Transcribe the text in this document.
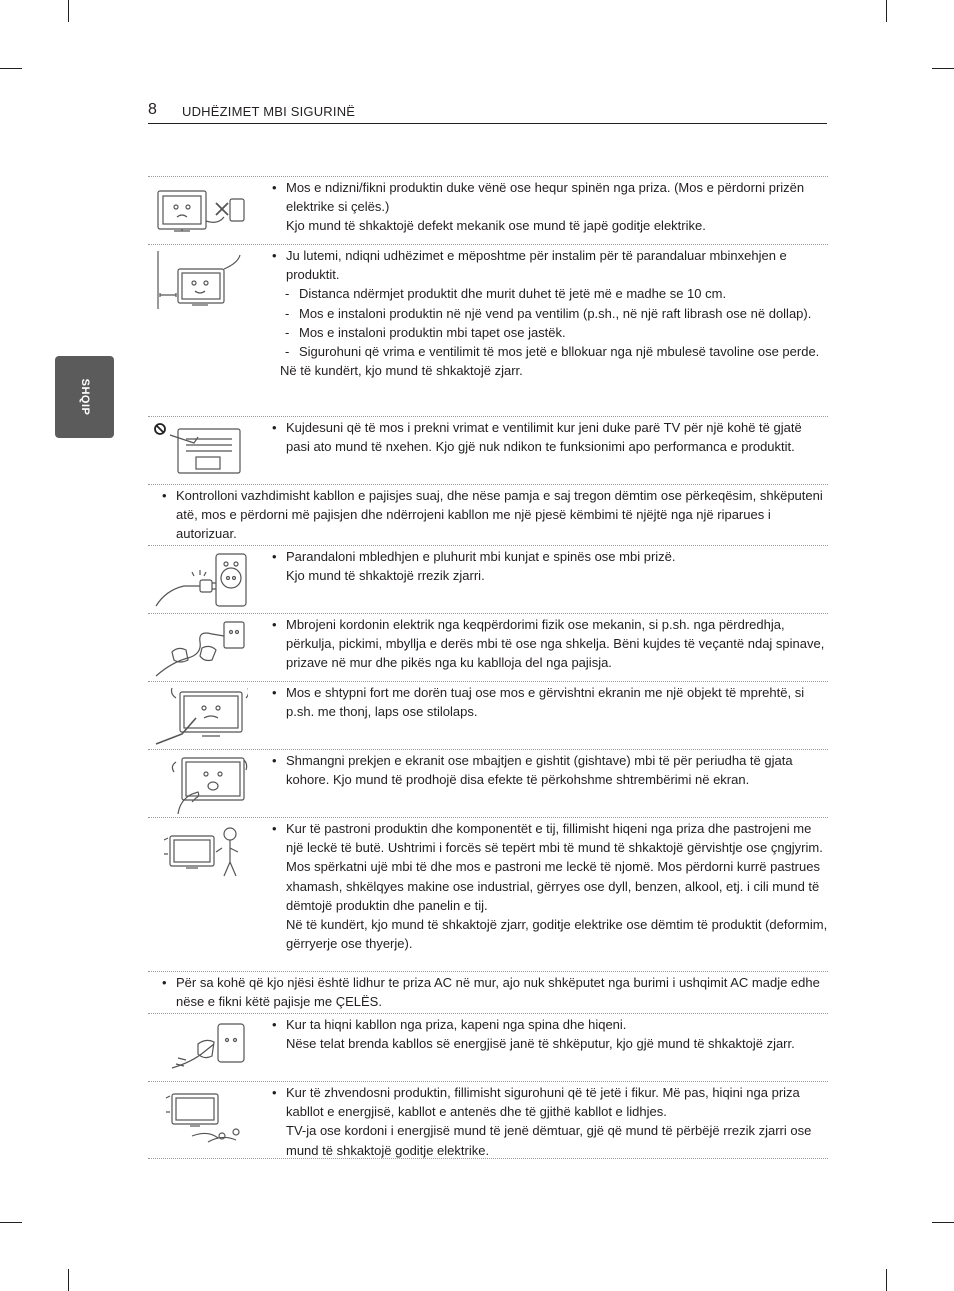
8 UDHËZIMET MBI SIGURINË
SHQIP
• Mos e ndizni/fikni produktin duke vënë ose hequr spinën nga priza. (Mos e përdorni prizën elektrike si çelës.)
Kjo mund të shkaktojë defekt mekanik ose mund të japë goditje elektrike.
• Ju lutemi, ndiqni udhëzimet e mëposhtme për instalim për të parandaluar mbinxehjen e produktit.
- Distanca ndërmjet produktit dhe murit duhet të jetë më e madhe se 10 cm.
- Mos e instaloni produktin në një vend pa ventilim (p.sh., në një raft librash ose në dollap).
- Mos e instaloni produktin mbi tapet ose jastëk.
- Sigurohuni që vrima e ventilimit të mos jetë e bllokuar nga një mbulesë tavoline ose perde.
Në të kundërt, kjo mund të shkaktojë zjarr.
• Kujdesuni që të mos i prekni vrimat e ventilimit kur jeni duke parë TV për një kohë të gjatë pasi ato mund të nxehen. Kjo gjë nuk ndikon te funksionimi apo performanca e produktit.
• Kontrolloni vazhdimisht kabllon e pajisjes suaj, dhe nëse pamja e saj tregon dëmtim ose përkeqësim, shkëputeni atë, mos e përdorni më pajisjen dhe ndërrojeni kabllon me një pjesë këmbimi të njëjtë nga një riparues i autorizuar.
• Parandaloni mbledhjen e pluhurit mbi kunjat e spinës ose mbi prizë.
Kjo mund të shkaktojë rrezik zjarri.
• Mbrojeni kordonin elektrik nga keqpërdorimi fizik ose mekanin, si p.sh. nga përdredhja, përkulja, pickimi, mbyllja e derës mbi të ose nga shkelja. Bëni kujdes të veçantë ndaj spinave, prizave në mur dhe pikës nga ku kablloja del nga pajisja.
• Mos e shtypni fort me dorën tuaj ose mos e gërvishtni ekranin me një objekt të mprehtë, si p.sh. me thonj, laps ose stilolaps.
• Shmangni prekjen e ekranit ose mbajtjen e gishtit (gishtave) mbi të për periudha të gjata kohore. Kjo mund të prodhojë disa efekte të përkohshme shtrembërimi në ekran.
• Kur të pastroni produktin dhe komponentët e tij, fillimisht hiqeni nga priza dhe pastrojeni me një leckë të butë. Ushtrimi i forcës së tepërt mbi të mund të shkaktojë gërvishtje ose çngjyrim. Mos spërkatni ujë mbi të dhe mos e pastroni me leckë të njomë. Mos përdorni kurrë pastrues xhamash, shkëlqyes makine ose industrial, gërryes ose dyll, benzen, alkool, etj. i cili mund të dëmtojë produktin dhe panelin e tij.
Në të kundërt, kjo mund të shkaktojë zjarr, goditje elektrike ose dëmtim të produktit (deformim, gërryerje ose thyerje).
• Për sa kohë që kjo njësi është lidhur te priza AC në mur, ajo nuk shkëputet nga burimi i ushqimit AC madje edhe nëse e fikni këtë pajisje me ÇELËS.
• Kur ta hiqni kabllon nga priza, kapeni nga spina dhe hiqeni.
Nëse telat brenda kabllos së energjisë janë të shkëputur, kjo gjë mund të shkaktojë zjarr.
• Kur të zhvendosni produktin, fillimisht sigurohuni që të jetë i fikur. Më pas, hiqini nga priza kabllot e energjisë, kabllot e antenës dhe të gjithë kabllot e lidhjes.
TV-ja ose kordoni i energjisë mund të jenë dëmtuar, gjë që mund të përbëjë rrezik zjarri ose mund të shkaktojë goditje elektrike.
